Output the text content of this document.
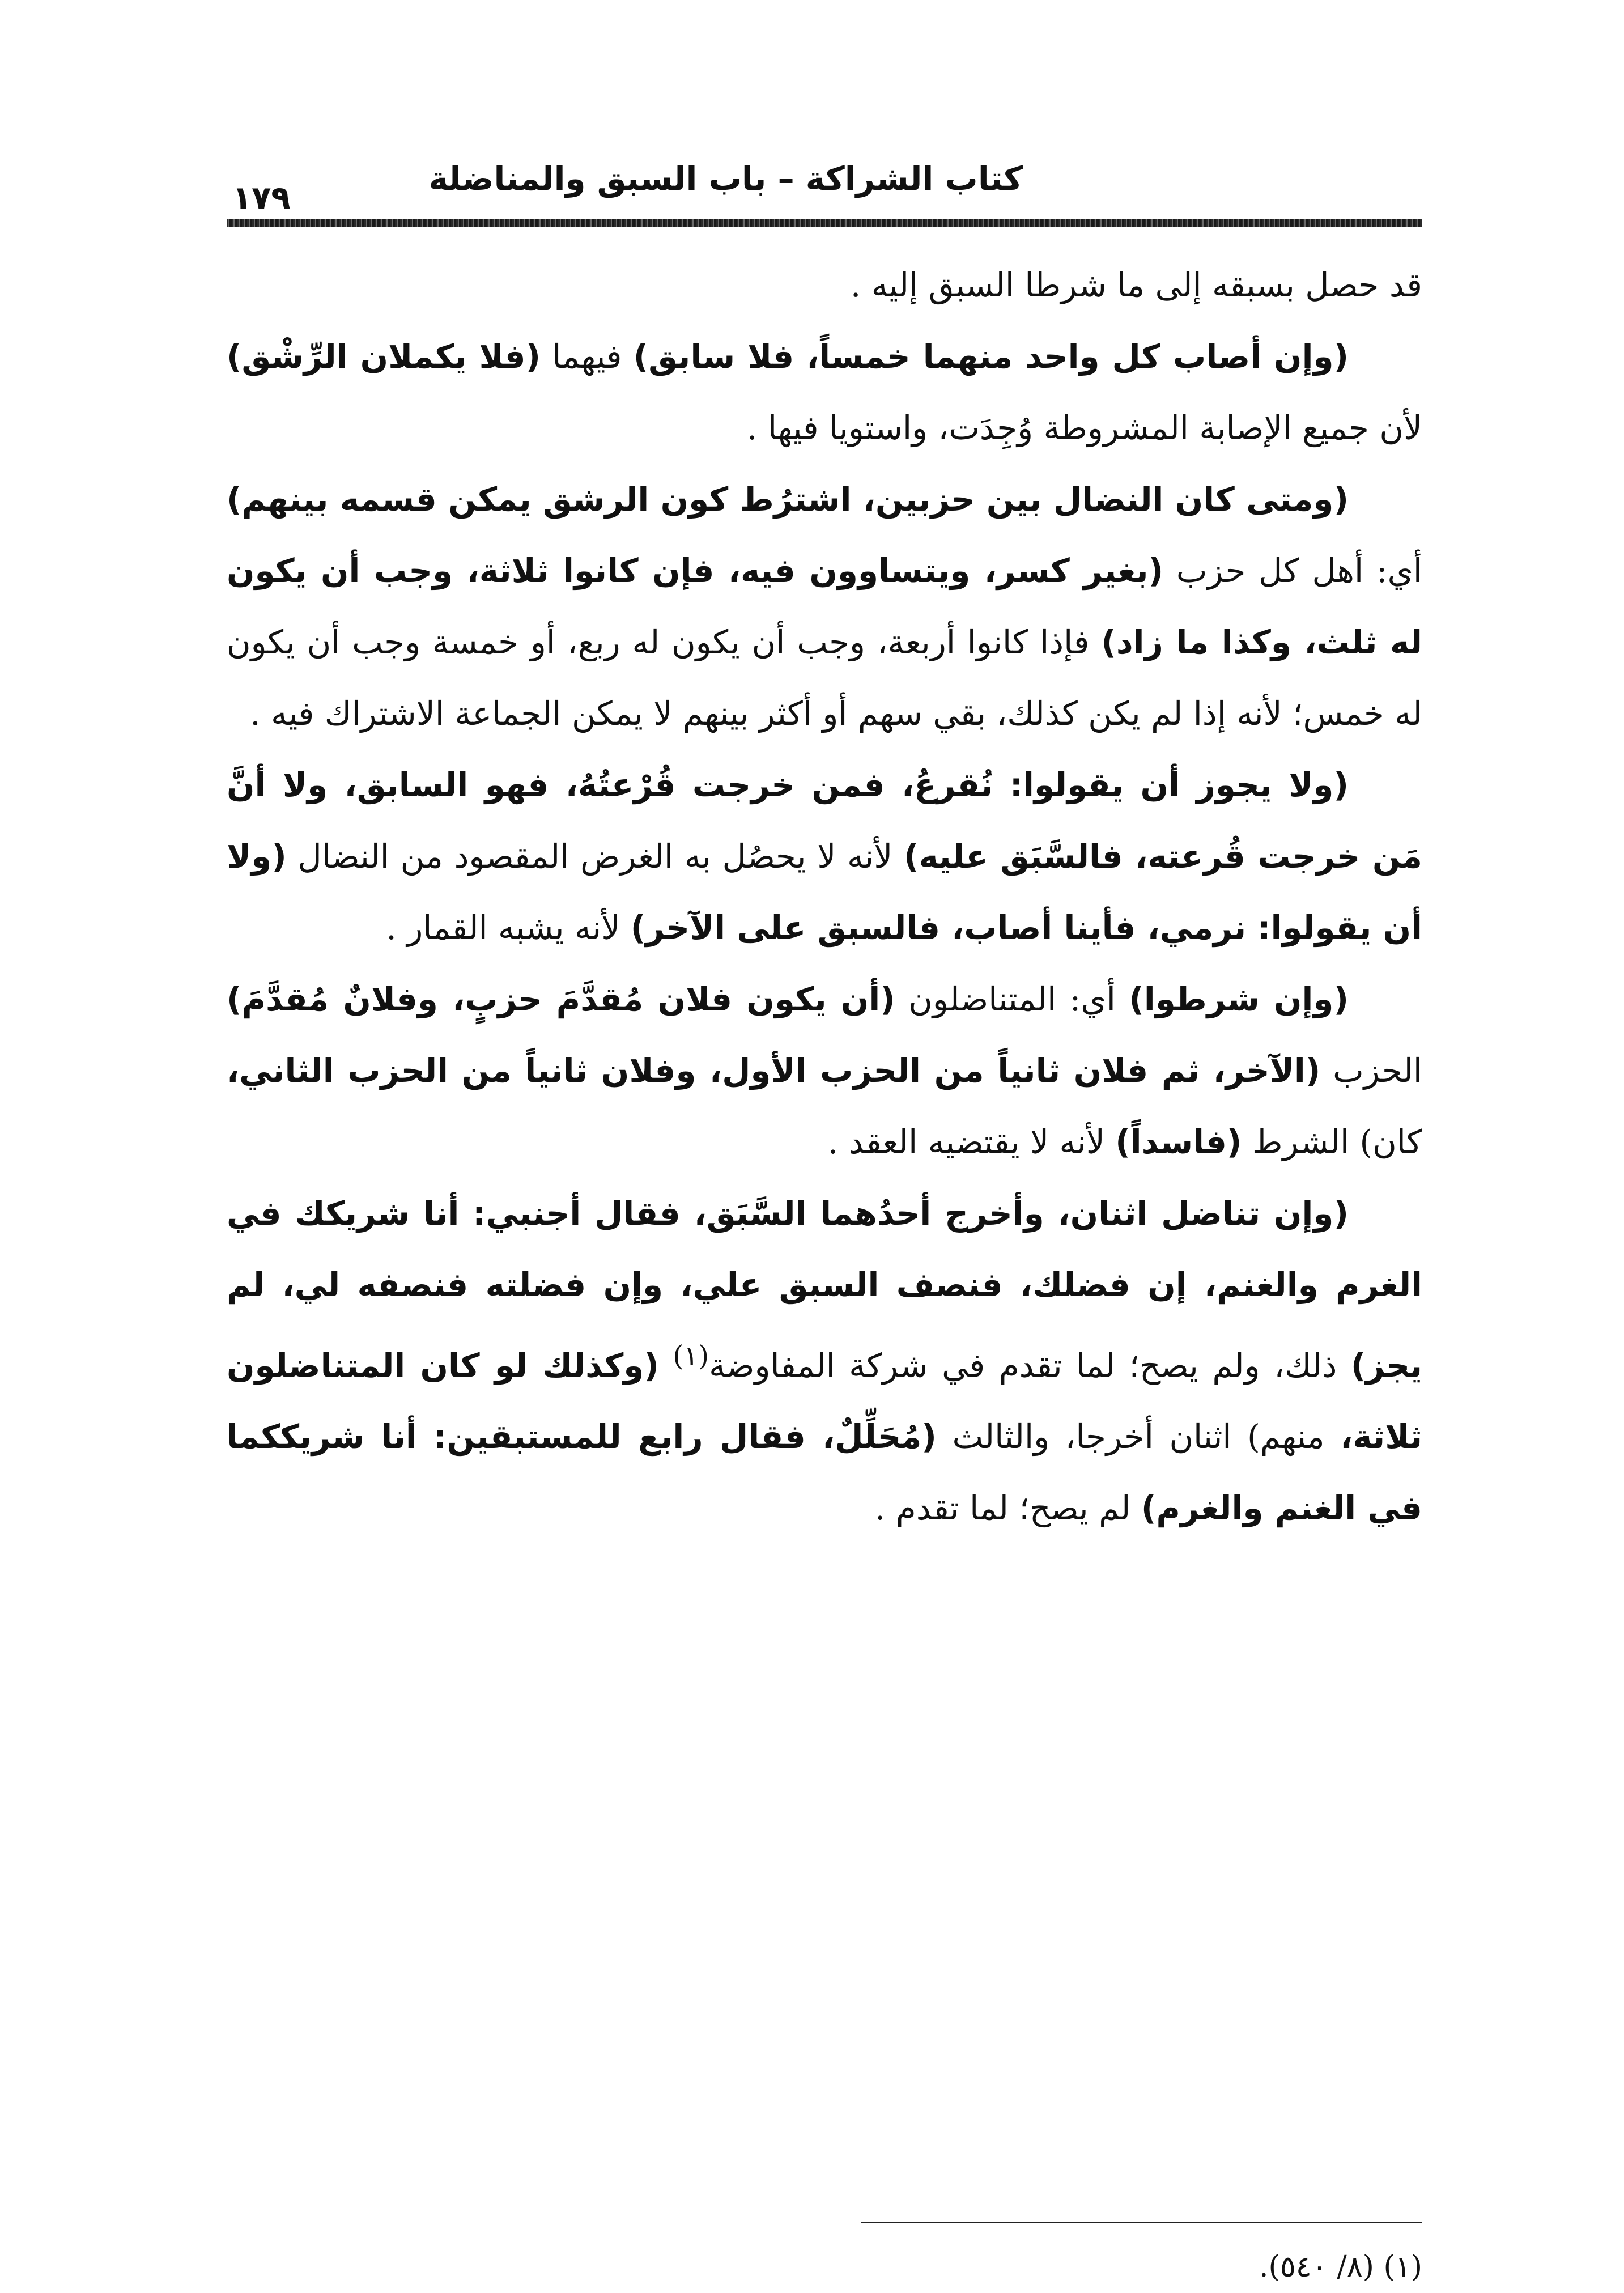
كتاب الشراكة – باب السبق والمناضلة
١٧٩

قد حصل بسبقه إلى ما شرطا السبق إليه .

(وإن أصاب كل واحد منهما خمساً، فلا سابق) فيهما (فلا يكملان الرِّشْق) لأن جميع الإصابة المشروطة وُجِدَت، واستويا فيها .

(ومتى كان النضال بين حزبين، اشترُط كون الرشق يمكن قسمه بينهم) أي: أهل كل حزب (بغير كسر، ويتساوون فيه، فإن كانوا ثلاثة، وجب أن يكون له ثلث، وكذا ما زاد) فإذا كانوا أربعة، وجب أن يكون له ربع، أو خمسة وجب أن يكون له خمس؛ لأنه إذا لم يكن كذلك، بقي سهم أو أكثر بينهم لا يمكن الجماعة الاشتراك فيه .

(ولا يجوز أن يقولوا: نُقرعُ، فمن خرجت قُرْعتُهُ، فهو السابق، ولا أنَّ مَن خرجت قُرعته، فالسَّبَق عليه) لأنه لا يحصُل به الغرض المقصود من النضال (ولا أن يقولوا: نرمي، فأينا أصاب، فالسبق على الآخر) لأنه يشبه القمار .

(وإن شرطوا) أي: المتناضلون (أن يكون فلان مُقدَّمَ حزبٍ، وفلانٌ مُقدَّمَ) الحزب (الآخر، ثم فلان ثانياً من الحزب الأول، وفلان ثانياً من الحزب الثاني، كان) الشرط (فاسداً) لأنه لا يقتضيه العقد .

(وإن تناضل اثنان، وأخرج أحدُهما السَّبَق، فقال أجنبي: أنا شريكك في الغرم والغنم، إن فضلك، فنصف السبق علي، وإن فضلته فنصفه لي، لم يجز) ذلك، ولم يصح؛ لما تقدم في شركة المفاوضة$^{(١)}$ (وكذلك لو كان المتناضلون ثلاثة، منهم) اثنان أخرجا، والثالث (مُحَلِّلٌ، فقال رابع للمستبقين: أنا شريككما في الغنم والغرم) لم يصح؛ لما تقدم .

(١) (٨/ ٥٤٠).
